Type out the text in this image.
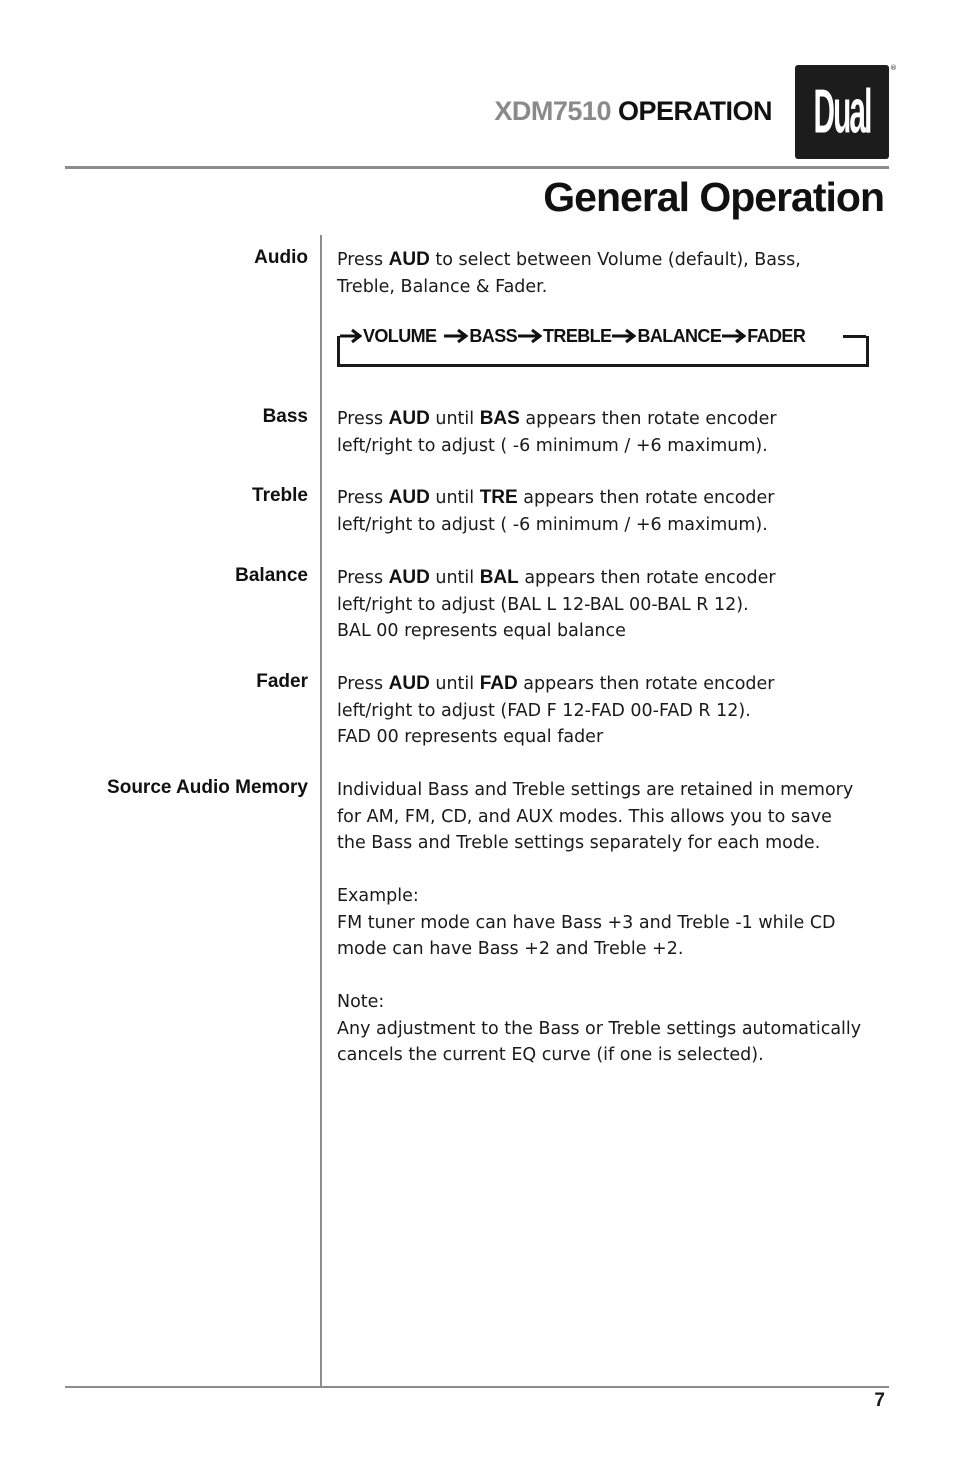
XDM7510 OPERATION Dual
®
General Operation
Audio Press AUD to select between Volume (default), Bass,

Treble, Balance & Fader.

VOLUME BASS TREBLE BALANCE FADER
Bass Press AUD until BAS appears then rotate encoder

left/right to adjust ( -6 minimum / +6 maximum).

Treble Press AUD until TRE appears then rotate encoder

left/right to adjust ( -6 minimum / +6 maximum).

Balance Press AUD until BAL appears then rotate encoder

left/right to adjust (BAL L 12-BAL 00-BAL R 12).

BAL 00 represents equal balance

Fader Press AUD until FAD appears then rotate encoder

left/right to adjust (FAD F 12-FAD 00-FAD R 12).

FAD 00 represents equal fader

Source Audio Memory Individual Bass and Treble settings are retained in memory

for AM, FM, CD, and AUX modes. This allows you to save

the Bass and Treble settings separately for each mode.

Example:

FM tuner mode can have Bass +3 and Treble -1 while CD

mode can have Bass +2 and Treble +2.

Note:

Any adjustment to the Bass or Treble settings automatically

cancels the current EQ curve (if one is selected).

7
